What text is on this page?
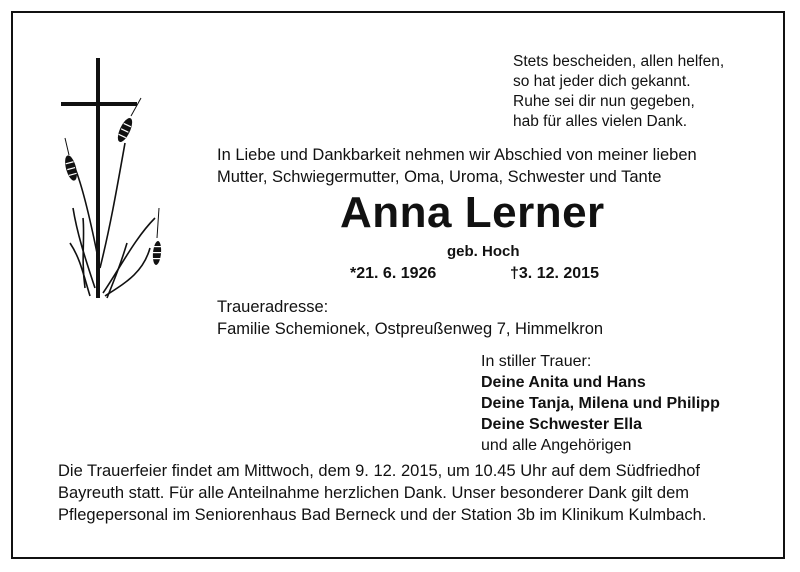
Stets bescheiden, allen helfen,
so hat jeder dich gekannt.
Ruhe sei dir nun gegeben,
hab für alles vielen Dank.
In Liebe und Dankbarkeit nehmen wir Abschied von meiner lieben
Mutter, Schwiegermutter, Oma, Uroma, Schwester und Tante
Anna Lerner
geb. Hoch
*21. 6. 1926	†3. 12. 2015
Traueradresse:
Familie Schemionek, Ostpreußenweg 7, Himmelkron
In stiller Trauer:
Deine Anita und Hans
Deine Tanja, Milena und Philipp
Deine Schwester Ella
und alle Angehörigen
Die Trauerfeier findet am Mittwoch, dem 9. 12. 2015, um 10.45 Uhr auf dem Südfriedhof
Bayreuth statt. Für alle Anteilnahme herzlichen Dank. Unser besonderer Dank gilt dem
Pflegepersonal im Seniorenhaus Bad Berneck und der Station 3b im Klinikum Kulmbach.
